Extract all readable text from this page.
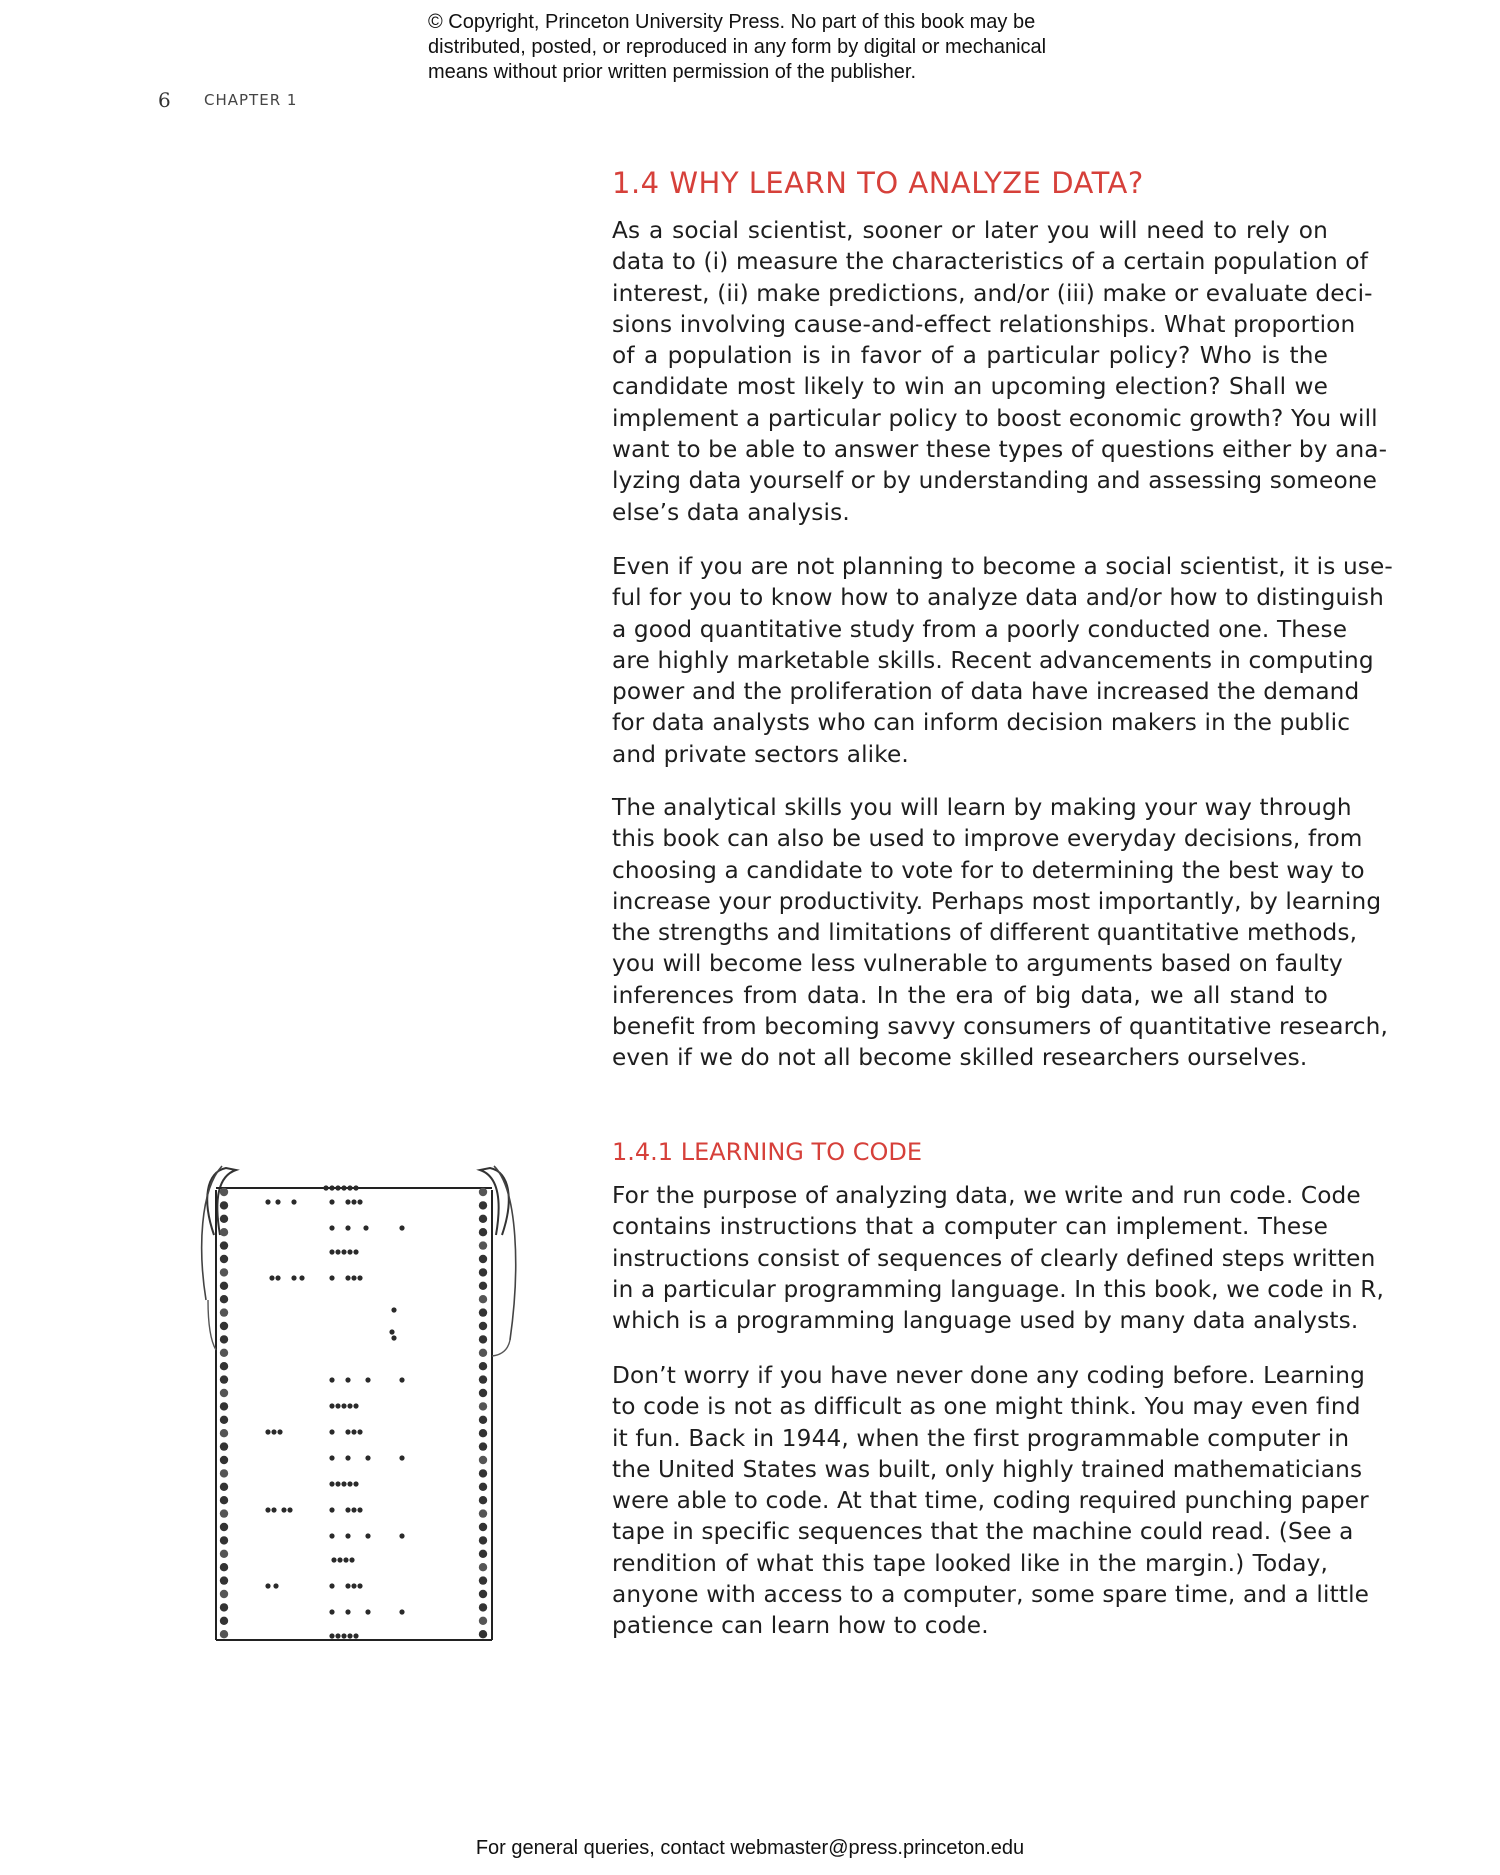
© Copyright, Princeton University Press. No part of this book may be
distributed, posted, or reproduced in any form by digital or mechanical
means without prior written permission of the publisher.
6 CHAPTER 1
1.4 WHY LEARN TO ANALYZE DATA?

As a social scientist, sooner or later you will need to rely on
data to (i) measure the characteristics of a certain population of
interest, (ii) make predictions, and/or (iii) make or evaluate deci-
sions involving cause-and-effect relationships. What proportion
of a population is in favor of a particular policy? Who is the
candidate most likely to win an upcoming election? Shall we
implement a particular policy to boost economic growth? You will
want to be able to answer these types of questions either by ana-
lyzing data yourself or by understanding and assessing someone
else’s data analysis.

Even if you are not planning to become a social scientist, it is use-
ful for you to know how to analyze data and/or how to distinguish
a good quantitative study from a poorly conducted one. These
are highly marketable skills. Recent advancements in computing
power and the proliferation of data have increased the demand
for data analysts who can inform decision makers in the public
and private sectors alike.

The analytical skills you will learn by making your way through
this book can also be used to improve everyday decisions, from
choosing a candidate to vote for to determining the best way to
increase your productivity. Perhaps most importantly, by learning
the strengths and limitations of different quantitative methods,
you will become less vulnerable to arguments based on faulty
inferences from data. In the era of big data, we all stand to
benefit from becoming savvy consumers of quantitative research,
even if we do not all become skilled researchers ourselves.

1.4.1 LEARNING TO CODE

For the purpose of analyzing data, we write and run code. Code
contains instructions that a computer can implement. These
instructions consist of sequences of clearly defined steps written
in a particular programming language. In this book, we code in R,
which is a programming language used by many data analysts.

Don’t worry if you have never done any coding before. Learning
to code is not as difficult as one might think. You may even find
it fun. Back in 1944, when the first programmable computer in
the United States was built, only highly trained mathematicians
were able to code. At that time, coding required punching paper
tape in specific sequences that the machine could read. (See a
rendition of what this tape looked like in the margin.) Today,
anyone with access to a computer, some spare time, and a little
patience can learn how to code.

For general queries, contact webmaster@press.princeton.edu
